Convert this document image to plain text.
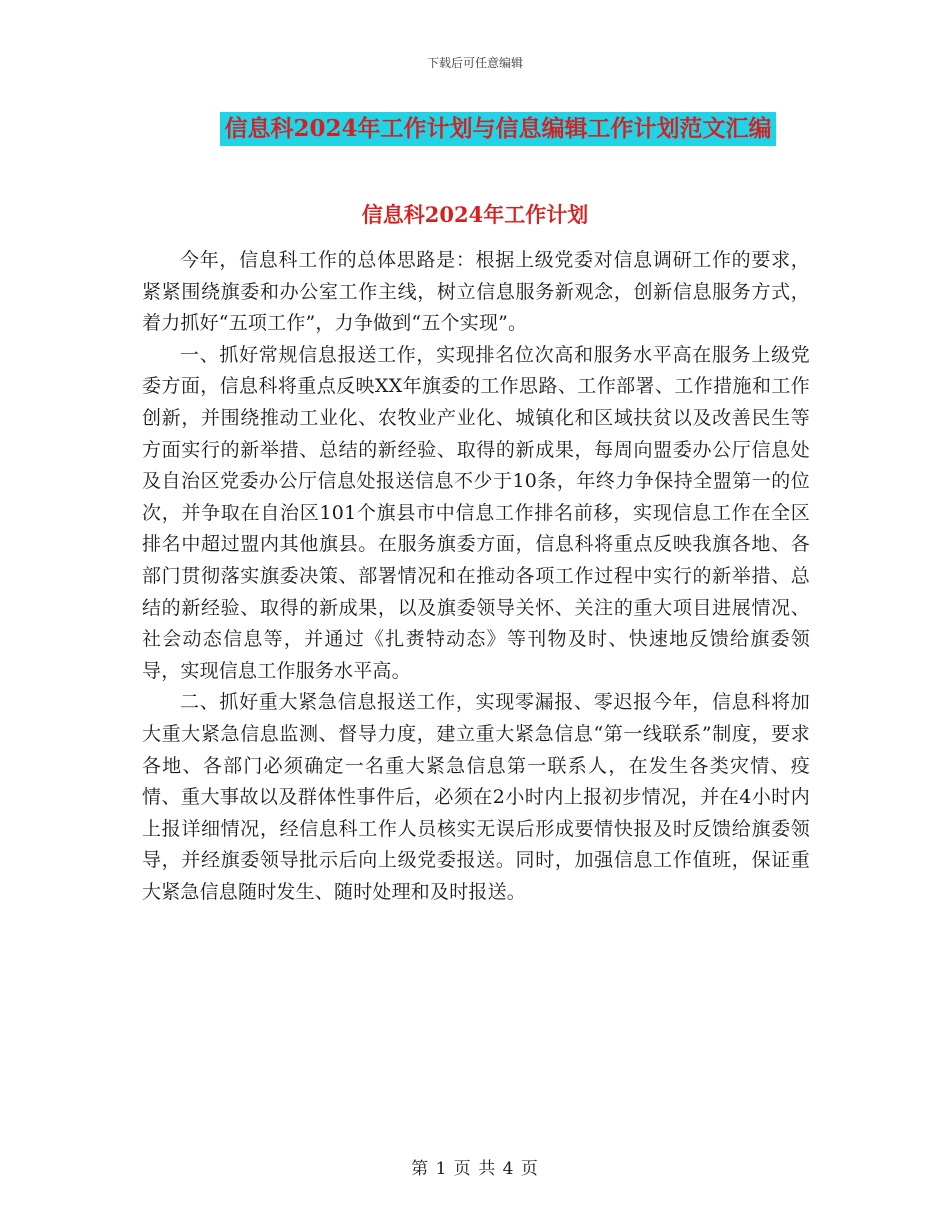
下载后可任意编辑
信息科2024年工作计划与信息编辑工作计划范文汇编
信息科2024年工作计划

今年，信息科工作的总体思路是：根据上级党委对信息调研工作的要求，紧紧围绕旗委和办公室工作主线，树立信息服务新观念，创新信息服务方式，着力抓好“五项工作”，力争做到“五个实现”。

一、抓好常规信息报送工作，实现排名位次高和服务水平高在服务上级党委方面，信息科将重点反映XX年旗委的工作思路、工作部署、工作措施和工作创新，并围绕推动工业化、农牧业产业化、城镇化和区域扶贫以及改善民生等方面实行的新举措、总结的新经验、取得的新成果，每周向盟委办公厅信息处及自治区党委办公厅信息处报送信息不少于10条，年终力争保持全盟第一的位次，并争取在自治区101个旗县市中信息工作排名前移，实现信息工作在全区排名中超过盟内其他旗县。在服务旗委方面，信息科将重点反映我旗各地、各部门贯彻落实旗委决策、部署情况和在推动各项工作过程中实行的新举措、总结的新经验、取得的新成果，以及旗委领导关怀、关注的重大项目进展情况、社会动态信息等，并通过《扎赉特动态》等刊物及时、快速地反馈给旗委领导，实现信息工作服务水平高。

二、抓好重大紧急信息报送工作，实现零漏报、零迟报今年，信息科将加大重大紧急信息监测、督导力度，建立重大紧急信息“第一线联系”制度，要求各地、各部门必须确定一名重大紧急信息第一联系人，在发生各类灾情、疫情、重大事故以及群体性事件后，必须在2小时内上报初步情况，并在4小时内上报详细情况，经信息科工作人员核实无误后形成要情快报及时反馈给旗委领导，并经旗委领导批示后向上级党委报送。同时，加强信息工作值班，保证重大紧急信息随时发生、随时处理和及时报送。

第 1 页 共 4 页
